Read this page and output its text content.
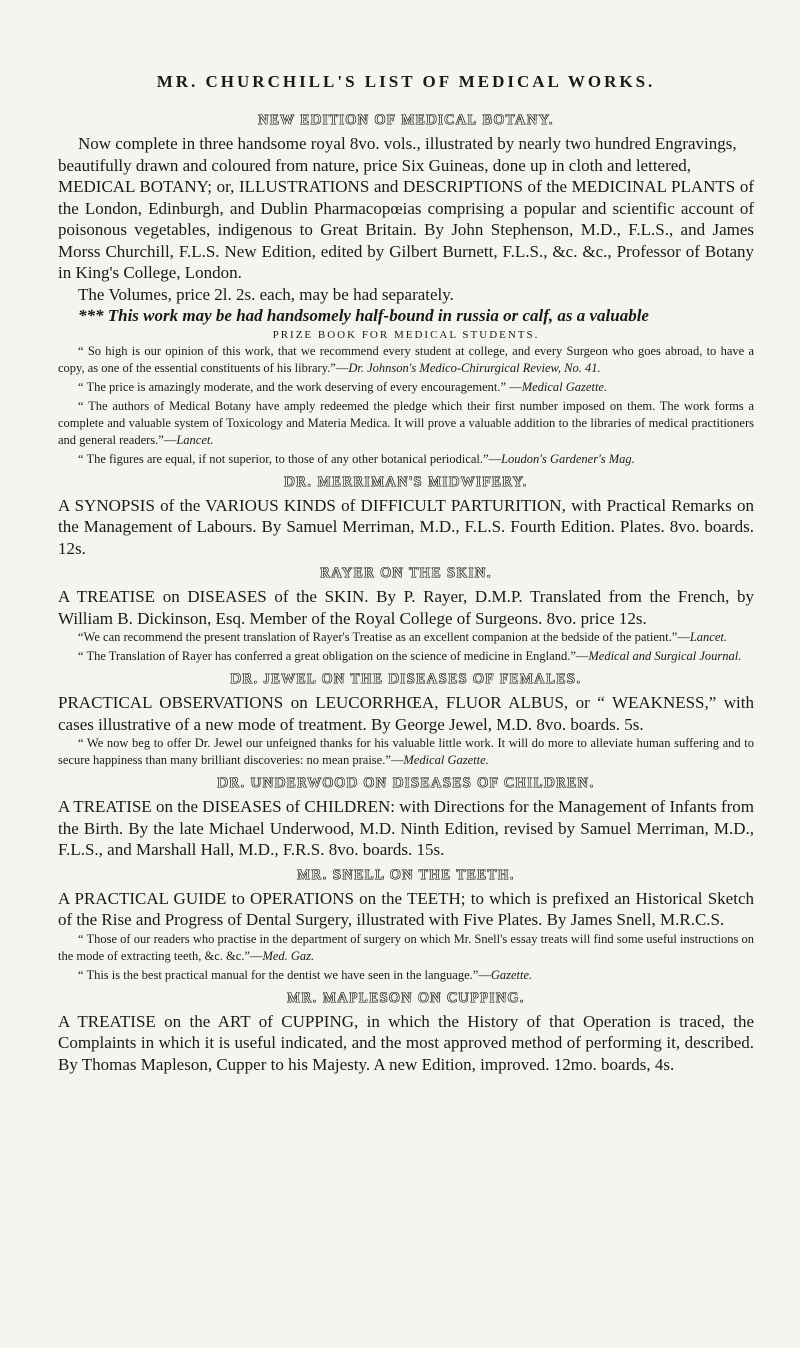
MR. CHURCHILL'S LIST OF MEDICAL WORKS.
NEW EDITION OF MEDICAL BOTANY.

Now complete in three handsome royal 8vo. vols., illustrated by nearly two hundred Engravings, beautifully drawn and coloured from nature, price Six Guineas, done up in cloth and lettered,

MEDICAL BOTANY; or, ILLUSTRATIONS and DESCRIPTIONS of the MEDICINAL PLANTS of the London, Edinburgh, and Dublin Pharmacopœias comprising a popular and scientific account of poisonous vegetables, indigenous to Great Britain. By John Stephenson, M.D., F.L.S., and James Morss Churchill, F.L.S. New Edition, edited by Gilbert Burnett, F.L.S., &c. &c., Professor of Botany in King's College, London.

The Volumes, price 2l. 2s. each, may be had separately.

*** This work may be had handsomely half-bound in russia or calf, as a valuable

PRIZE BOOK FOR MEDICAL STUDENTS.

“ So high is our opinion of this work, that we recommend every student at college, and every Surgeon who goes abroad, to have a copy, as one of the essential constituents of his library.”—Dr. Johnson's Medico-Chirurgical Review, No. 41.

“ The price is amazingly moderate, and the work deserving of every encouragement.” —Medical Gazette.

“ The authors of Medical Botany have amply redeemed the pledge which their first number imposed on them. The work forms a complete and valuable system of Toxicology and Materia Medica. It will prove a valuable addition to the libraries of medical practitioners and general readers.”—Lancet.

“ The figures are equal, if not superior, to those of any other botanical periodical.”—Loudon's Gardener's Mag.

DR. MERRIMAN'S MIDWIFERY.

A SYNOPSIS of the VARIOUS KINDS of DIFFICULT PARTURITION, with Practical Remarks on the Management of Labours. By Samuel Merriman, M.D., F.L.S. Fourth Edition. Plates. 8vo. boards. 12s.

RAYER ON THE SKIN.

A TREATISE on DISEASES of the SKIN. By P. Rayer, D.M.P. Translated from the French, by William B. Dickinson, Esq. Member of the Royal College of Surgeons. 8vo. price 12s.

“We can recommend the present translation of Rayer's Treatise as an excellent companion at the bedside of the patient.”—Lancet.

“ The Translation of Rayer has conferred a great obligation on the science of medicine in England.”—Medical and Surgical Journal.

DR. JEWEL ON THE DISEASES OF FEMALES.

PRACTICAL OBSERVATIONS on LEUCORRHŒA, FLUOR ALBUS, or “ WEAKNESS,” with cases illustrative of a new mode of treatment. By George Jewel, M.D. 8vo. boards. 5s.

“ We now beg to offer Dr. Jewel our unfeigned thanks for his valuable little work. It will do more to alleviate human suffering and to secure happiness than many brilliant discoveries: no mean praise.”—Medical Gazette.

DR. UNDERWOOD ON DISEASES OF CHILDREN.

A TREATISE on the DISEASES of CHILDREN: with Directions for the Management of Infants from the Birth. By the late Michael Underwood, M.D. Ninth Edition, revised by Samuel Merriman, M.D., F.L.S., and Marshall Hall, M.D., F.R.S. 8vo. boards. 15s.

MR. SNELL ON THE TEETH.

A PRACTICAL GUIDE to OPERATIONS on the TEETH; to which is prefixed an Historical Sketch of the Rise and Progress of Dental Surgery, illustrated with Five Plates. By James Snell, M.R.C.S.

“ Those of our readers who practise in the department of surgery on which Mr. Snell's essay treats will find some useful instructions on the mode of extracting teeth, &c. &c.”—Med. Gaz.

“ This is the best practical manual for the dentist we have seen in the language.”—Gazette.

MR. MAPLESON ON CUPPING.

A TREATISE on the ART of CUPPING, in which the History of that Operation is traced, the Complaints in which it is useful indicated, and the most approved method of performing it, described. By Thomas Mapleson, Cupper to his Majesty. A new Edition, improved. 12mo. boards, 4s.
